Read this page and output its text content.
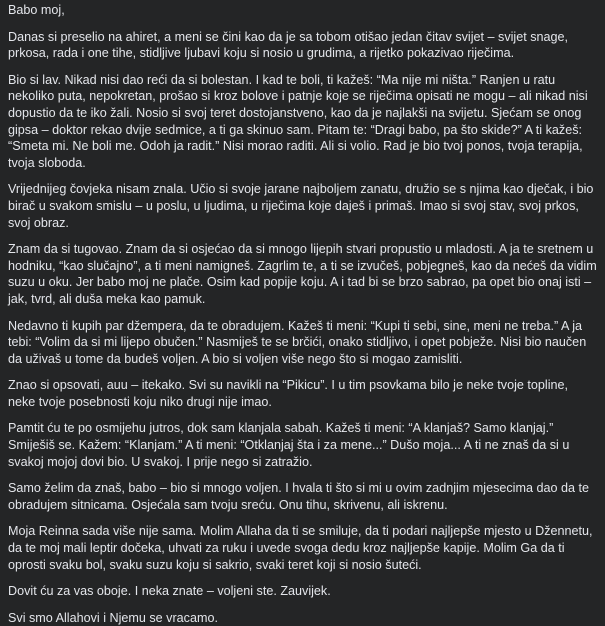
Babo moj,

Danas si preselio na ahiret, a meni se čini kao da je sa tobom otišao jedan čitav svijet – svijet snage, prkosa, rada i one tihe, stidljive ljubavi koju si nosio u grudima, a rijetko pokazivao riječima.

Bio si lav. Nikad nisi dao reći da si bolestan. I kad te boli, ti kažeš: “Ma nije mi ništa.” Ranjen u ratu nekoliko puta, nepokretan, prošao si kroz bolove i patnje koje se riječima opisati ne mogu – ali nikad nisi dopustio da te iko žali. Nosio si svoj teret dostojanstveno, kao da je najlakši na svijetu. Sjećam se onog gipsa – doktor rekao dvije sedmice, a ti ga skinuo sam. Pitam te: “Dragi babo, pa što skide?” A ti kažeš: “Smeta mi. Ne boli me. Odoh ja radit.” Nisi morao raditi. Ali si volio. Rad je bio tvoj ponos, tvoja terapija, tvoja sloboda.

Vrijednijeg čovjeka nisam znala. Učio si svoje jarane najboljem zanatu, družio se s njima kao dječak, i bio birač u svakom smislu – u poslu, u ljudima, u riječima koje daješ i primaš. Imao si svoj stav, svoj prkos, svoj obraz.

Znam da si tugovao. Znam da si osjećao da si mnogo lijepih stvari propustio u mladosti. A ja te sretnem u hodniku, “kao slučajno”, a ti meni namigneš. Zagrlim te, a ti se izvučeš, pobjegneš, kao da nećeš da vidim suzu u oku. Jer babo moj ne plače. Osim kad popije koju. A i tad bi se brzo sabrao, pa opet bio onaj isti – jak, tvrd, ali duša meka kao pamuk.

Nedavno ti kupih par džempera, da te obradujem. Kažeš ti meni: “Kupi ti sebi, sine, meni ne treba.” A ja tebi: “Volim da si mi lijepo obučen.” Nasmiješ te se brčići, onako stidljivo, i opet pobježe. Nisi bio naučen da uživaš u tome da budeš voljen. A bio si voljen više nego što si mogao zamisliti.

Znao si opsovati, auu – itekako. Svi su navikli na “Pikicu”. I u tim psovkama bilo je neke tvoje topline, neke tvoje posebnosti koju niko drugi nije imao.

Pamtit ću te po osmijehu jutros, dok sam klanjala sabah. Kažeš ti meni: “A klanjaš? Samo klanjaj.” Smiješiš se. Kažem: “Klanjam.” A ti meni: “Otklanjaj šta i za mene...” Dušo moja... A ti ne znaš da si u svakoj mojoj dovi bio. U svakoj. I prije nego si zatražio.

Samo želim da znaš, babo – bio si mnogo voljen. I hvala ti što si mi u ovim zadnjim mjesecima dao da te obradujem sitnicama. Osjećala sam tvoju sreću. Onu tihu, skrivenu, ali iskrenu.

Moja Reinna sada više nije sama. Molim Allaha da ti se smiluje, da ti podari najljepše mjesto u Džennetu, da te moj mali leptir dočeka, uhvati za ruku i uvede svoga dedu kroz najljepše kapije. Molim Ga da ti oprosti svaku bol, svaku suzu koju si sakrio, svaki teret koji si nosio šuteći.

Dovit ću za vas oboje. I neka znate – voljeni ste. Zauvijek.

Svi smo Allahovi i Njemu se vracamo.
